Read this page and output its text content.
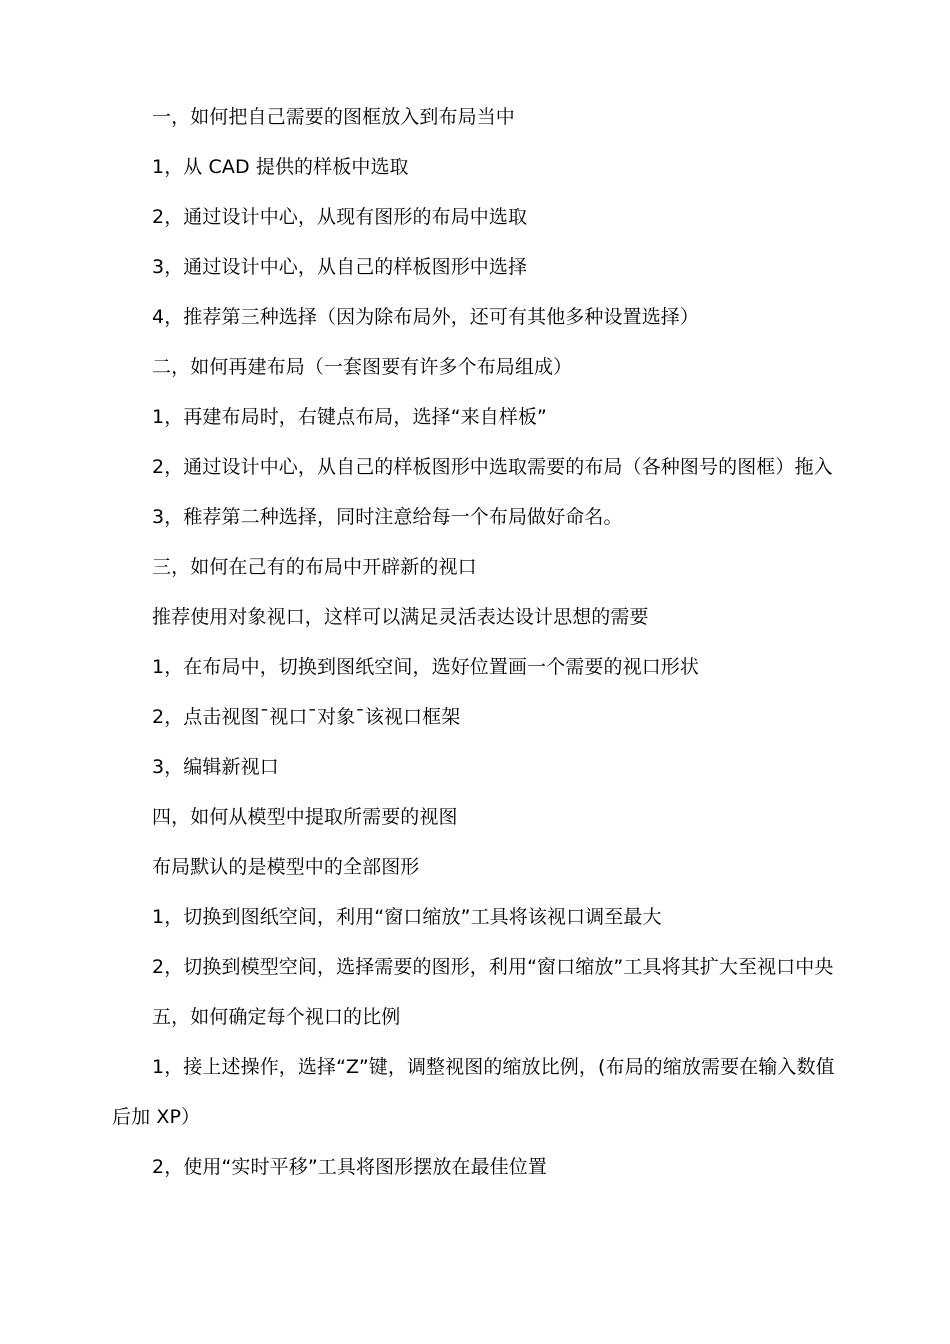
一，如何把自己需要的图框放入到布局当中

1，从 CAD 提供的样板中选取

2，通过设计中心，从现有图形的布局中选取

3，通过设计中心，从自己的样板图形中选择

4，推荐第三种选择（因为除布局外，还可有其他多种设置选择）

二，如何再建布局（一套图要有许多个布局组成）

1，再建布局时，右键点布局，选择“来自样板”

2，通过设计中心，从自己的样板图形中选取需要的布局（各种图号的图框）拖入

3，稚荐第二种选择，同时注意给每一个布局做好命名。

三，如何在己有的布局中开辟新的视口

推荐使用对象视口，这样可以满足灵活表达设计思想的需要

1，在布局中，切换到图纸空间，选好位置画一个需要的视口形状

2，点击视图¯视口¯对象¯该视口框架

3，编辑新视口

四，如何从模型中提取所需要的视图

布局默认的是模型中的全部图形

1，切换到图纸空间，利用“窗口缩放”工具将该视口调至最大

2，切换到模型空间，选择需要的图形，利用“窗口缩放”工具将其扩大至视口中央

五，如何确定每个视口的比例

1，接上述操作，选择“Z”键，调整视图的缩放比例，(布局的缩放需要在输入数值后加 XP）

2，使用“实时平移”工具将图形摆放在最佳位置
